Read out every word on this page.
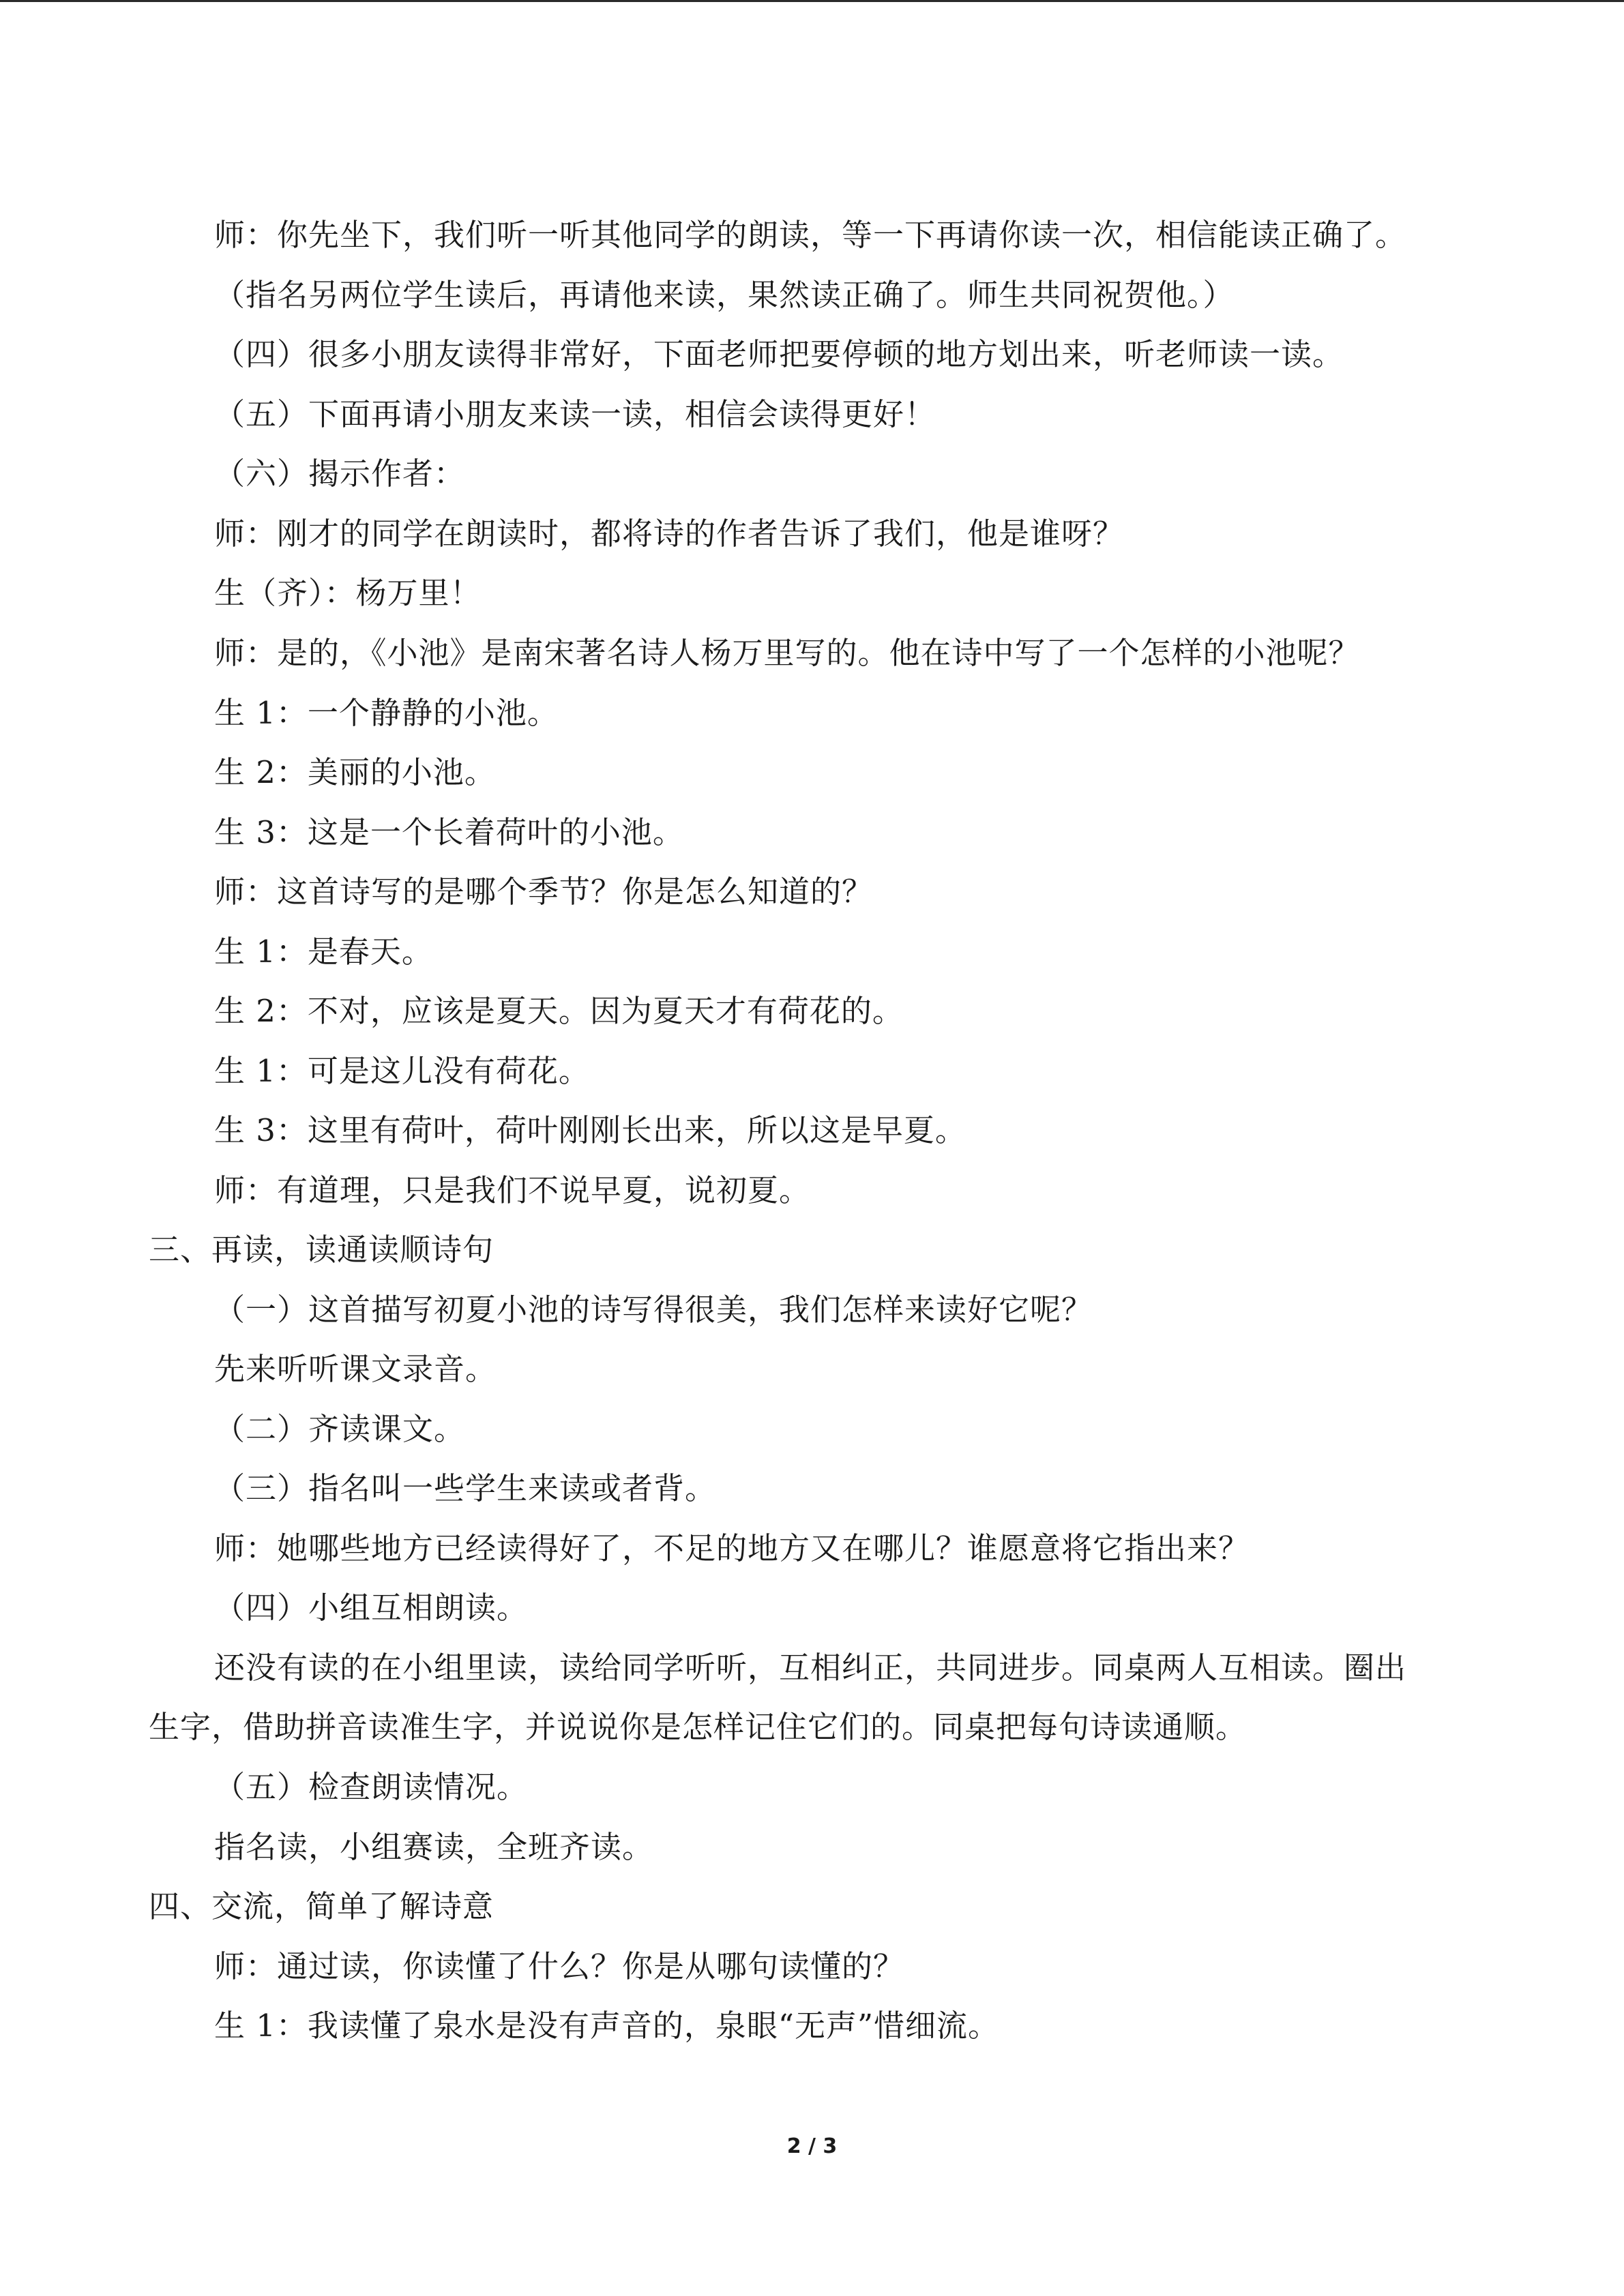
师：你先坐下，我们听一听其他同学的朗读，等一下再请你读一次，相信能读正确了。
（指名另两位学生读后，再请他来读，果然读正确了。师生共同祝贺他。）
（四）很多小朋友读得非常好，下面老师把要停顿的地方划出来，听老师读一读。
（五）下面再请小朋友来读一读，相信会读得更好！
（六）揭示作者：
师：刚才的同学在朗读时，都将诗的作者告诉了我们，他是谁呀？
生（齐）：杨万里！
师：是的，《小池》是南宋著名诗人杨万里写的。他在诗中写了一个怎样的小池呢？
生 1：一个静静的小池。
生 2：美丽的小池。
生 3：这是一个长着荷叶的小池。
师：这首诗写的是哪个季节？你是怎么知道的？
生 1：是春天。
生 2：不对，应该是夏天。因为夏天才有荷花的。
生 1：可是这儿没有荷花。
生 3：这里有荷叶，荷叶刚刚长出来，所以这是早夏。
师：有道理，只是我们不说早夏，说初夏。
三、再读，读通读顺诗句
（一）这首描写初夏小池的诗写得很美，我们怎样来读好它呢？
先来听听课文录音。
（二）齐读课文。
（三）指名叫一些学生来读或者背。
师：她哪些地方已经读得好了，不足的地方又在哪儿？谁愿意将它指出来？
（四）小组互相朗读。
还没有读的在小组里读，读给同学听听，互相纠正，共同进步。同桌两人互相读。圈出
生字，借助拼音读准生字，并说说你是怎样记住它们的。同桌把每句诗读通顺。
（五）检查朗读情况。
指名读，小组赛读，全班齐读。
四、交流，简单了解诗意
师：通过读，你读懂了什么？你是从哪句读懂的？
生 1：我读懂了泉水是没有声音的，泉眼“无声”惜细流。
2 / 3
